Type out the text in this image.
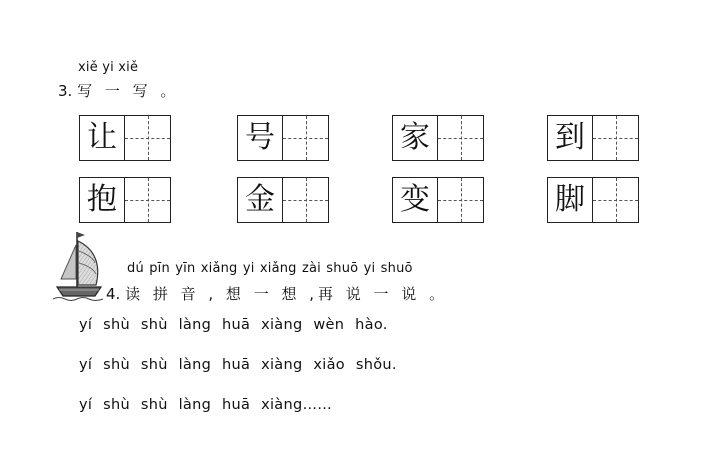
xiě yi xiě
3. 写 一 写 。
让	号	家	到
抱	金	变	脚
dú pīn yīn xiǎng yi xiǎng zài shuō yi shuō
4. 读 拼 音 , 想 一 想 ,再 说 一 说 。
yí shù shù làng huā xiàng wèn hào.
yí shù shù làng huā xiàng xiǎo shǒu.
yí shù shù làng huā xiàng……
